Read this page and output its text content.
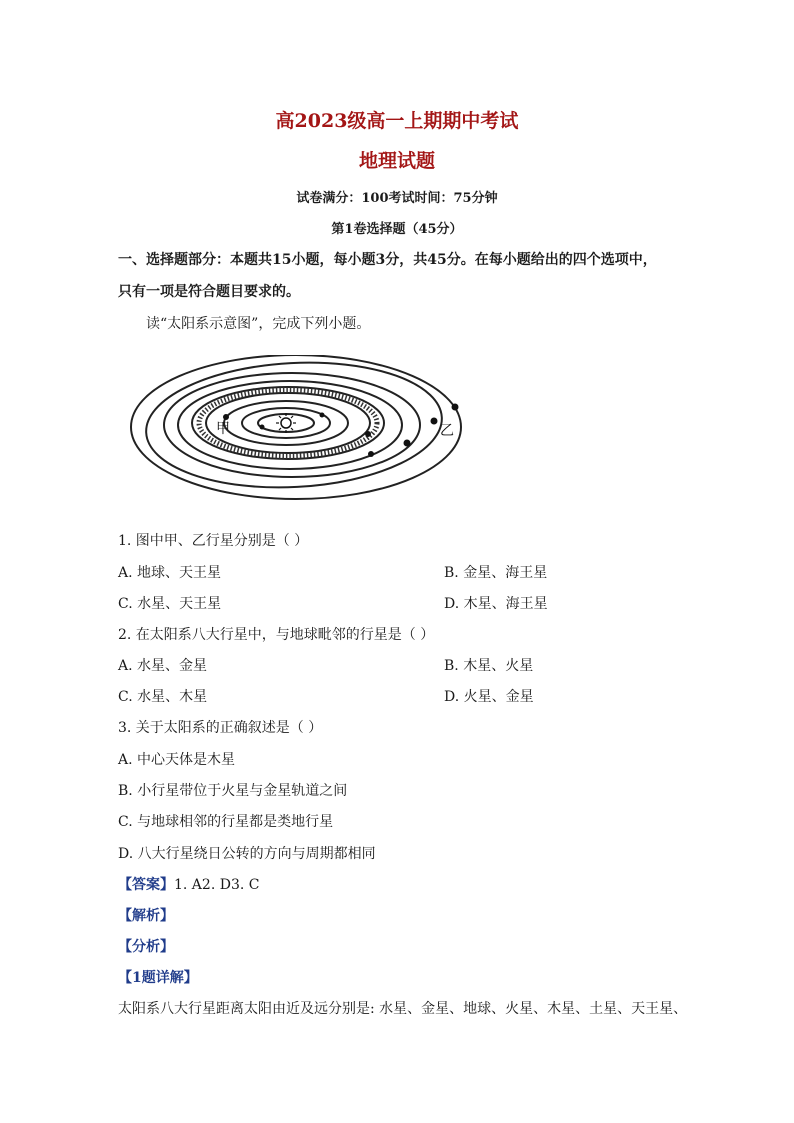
高2023级高一上期期中考试
地理试题
试卷满分：100考试时间：75分钟
第1卷选择题（45分）
一、选择题部分：本题共15小题，每小题3分，共45分。在每小题给出的四个选项中，
只有一项是符合题目要求的。
读“太阳系示意图”，完成下列小题。
甲	乙
1. 图中甲、乙行星分别是（ ）
A. 地球、天王星	B. 金星、海王星
C. 水星、天王星	D. 木星、海王星
2. 在太阳系八大行星中，与地球毗邻的行星是（ ）
A. 水星、金星	B. 木星、火星
C. 水星、木星	D. 火星、金星
3. 关于太阳系的正确叙述是（ ）
A. 中心天体是木星
B. 小行星带位于火星与金星轨道之间
C. 与地球相邻的行星都是类地行星
D. 八大行星绕日公转的方向与周期都相同
【答案】1. A2. D3. C
【解析】
【分析】
【1题详解】
太阳系八大行星距离太阳由近及远分别是: 水星、金星、地球、火星、木星、土星、天王星、
